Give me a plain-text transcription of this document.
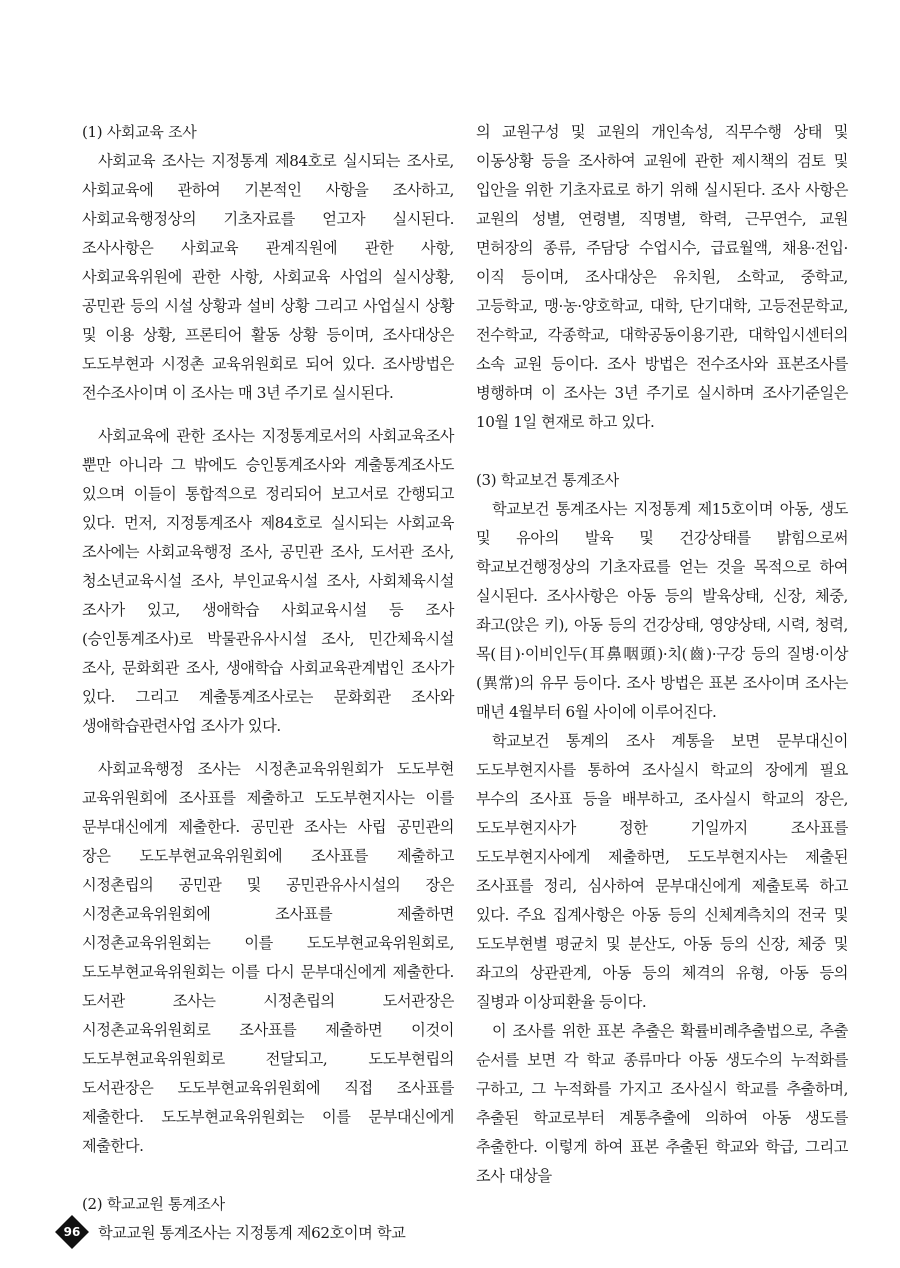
(1) 사회교육 조사

사회교육 조사는 지정통계 제84호로 실시되는 조사로, 사회교육에 관하여 기본적인 사항을 조사하고, 사회교육행정상의 기초자료를 얻고자 실시된다. 조사사항은 사회교육 관계직원에 관한 사항, 사회교육위원에 관한 사항, 사회교육 사업의 실시상황, 공민관 등의 시설 상황과 설비 상황 그리고 사업실시 상황 및 이용 상황, 프론티어 활동 상황 등이며, 조사대상은 도도부현과 시정촌 교육위원회로 되어 있다. 조사방법은 전수조사이며 이 조사는 매 3년 주기로 실시된다.

사회교육에 관한 조사는 지정통계로서의 사회교육조사 뿐만 아니라 그 밖에도 승인통계조사와 계출통계조사도 있으며 이들이 통합적으로 정리되어 보고서로 간행되고 있다. 먼저, 지정통계조사 제84호로 실시되는 사회교육 조사에는 사회교육행정 조사, 공민관 조사, 도서관 조사, 청소년교육시설 조사, 부인교육시설 조사, 사회체육시설 조사가 있고, 생애학습 사회교육시설 등 조사(승인통계조사)로 박물관유사시설 조사, 민간체육시설 조사, 문화회관 조사, 생애학습 사회교육관계법인 조사가 있다. 그리고 계출통계조사로는 문화회관 조사와 생애학습관련사업 조사가 있다.

사회교육행정 조사는 시정촌교육위원회가 도도부현 교육위원회에 조사표를 제출하고 도도부현지사는 이를 문부대신에게 제출한다. 공민관 조사는 사립 공민관의 장은 도도부현교육위원회에 조사표를 제출하고 시정촌립의 공민관 및 공민관유사시설의 장은 시정촌교육위원회에 조사표를 제출하면 시정촌교육위원회는 이를 도도부현교육위원회로, 도도부현교육위원회는 이를 다시 문부대신에게 제출한다. 도서관 조사는 시정촌립의 도서관장은 시정촌교육위원회로 조사표를 제출하면 이것이 도도부현교육위원회로 전달되고, 도도부현립의 도서관장은 도도부현교육위원회에 직접 조사표를 제출한다. 도도부현교육위원회는 이를 문부대신에게 제출한다.

(2) 학교교원 통계조사

학교교원 통계조사는 지정통계 제62호이며 학교

의 교원구성 및 교원의 개인속성, 직무수행 상태 및 이동상황 등을 조사하여 교원에 관한 제시책의 검토 및 입안을 위한 기초자료로 하기 위해 실시된다. 조사 사항은 교원의 성별, 연령별, 직명별, 학력, 근무연수, 교원 면허장의 종류, 주담당 수업시수, 급료월액, 채용·전입·이직 등이며, 조사대상은 유치원, 소학교, 중학교, 고등학교, 맹·농·양호학교, 대학, 단기대학, 고등전문학교, 전수학교, 각종학교, 대학공동이용기관, 대학입시센터의 소속 교원 등이다. 조사 방법은 전수조사와 표본조사를 병행하며 이 조사는 3년 주기로 실시하며 조사기준일은 10월 1일 현재로 하고 있다.

(3) 학교보건 통계조사

학교보건 통계조사는 지정통계 제15호이며 아동, 생도 및 유아의 발육 및 건강상태를 밝힘으로써 학교보건행정상의 기초자료를 얻는 것을 목적으로 하여 실시된다. 조사사항은 아동 등의 발육상태, 신장, 체중, 좌고(앉은 키), 아동 등의 건강상태, 영양상태, 시력, 청력, 목(目)·이비인두(耳鼻咽頭)·치(齒)·구강 등의 질병·이상(異常)의 유무 등이다. 조사 방법은 표본 조사이며 조사는 매년 4월부터 6월 사이에 이루어진다.

학교보건 통계의 조사 계통을 보면 문부대신이 도도부현지사를 통하여 조사실시 학교의 장에게 필요 부수의 조사표 등을 배부하고, 조사실시 학교의 장은, 도도부현지사가 정한 기일까지 조사표를 도도부현지사에게 제출하면, 도도부현지사는 제출된 조사표를 정리, 심사하여 문부대신에게 제출토록 하고 있다. 주요 집계사항은 아동 등의 신체계측치의 전국 및 도도부현별 평균치 및 분산도, 아동 등의 신장, 체중 및 좌고의 상관관계, 아동 등의 체격의 유형, 아동 등의 질병과 이상피환율 등이다.

이 조사를 위한 표본 추출은 확률비례추출법으로, 추출 순서를 보면 각 학교 종류마다 아동 생도수의 누적화를 구하고, 그 누적화를 가지고 조사실시 학교를 추출하며, 추출된 학교로부터 계통추출에 의하여 아동 생도를 추출한다. 이렇게 하여 표본 추출된 학교와 학급, 그리고 조사 대상을

96
